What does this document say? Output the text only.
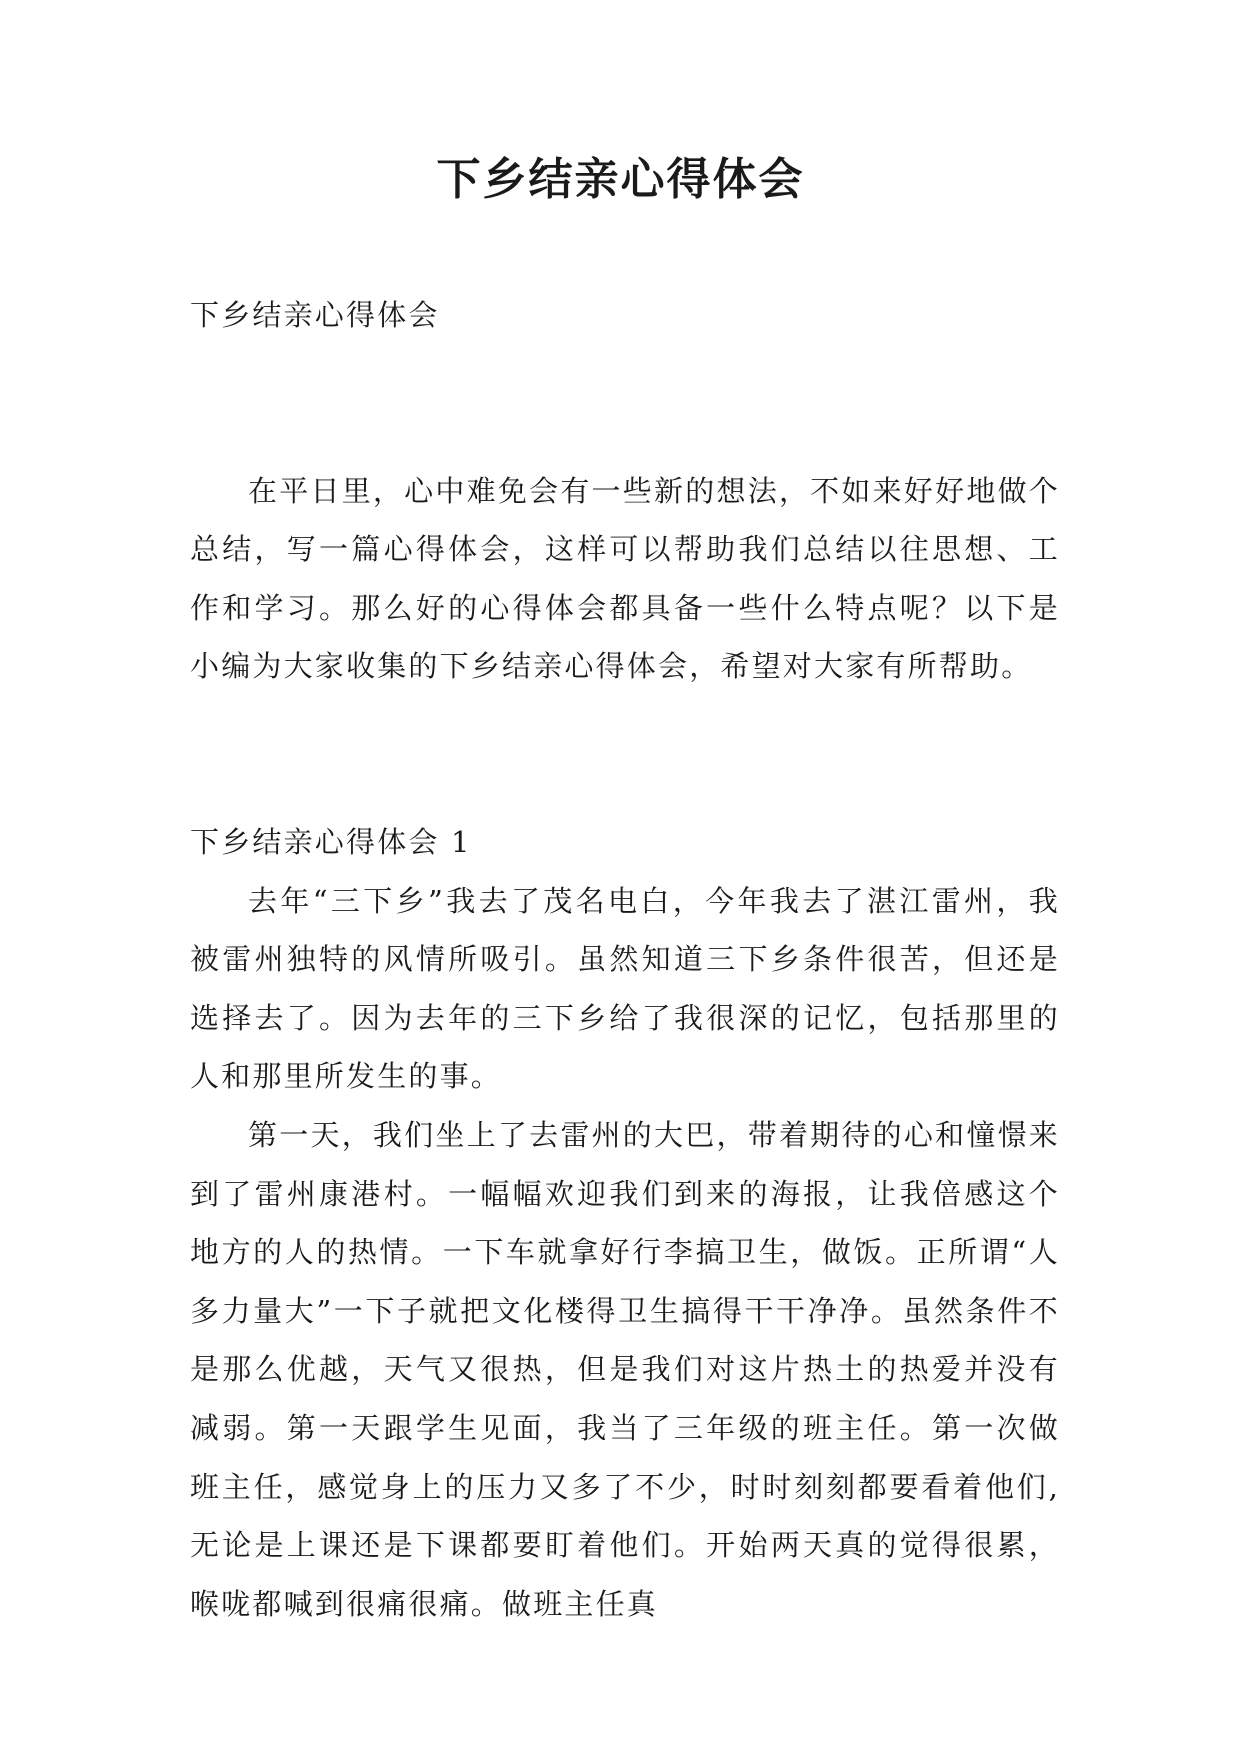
下乡结亲心得体会

下乡结亲心得体会

在平日里，心中难免会有一些新的想法，不如来好好地做个总结，写一篇心得体会，这样可以帮助我们总结以往思想、工作和学习。那么好的心得体会都具备一些什么特点呢？以下是小编为大家收集的下乡结亲心得体会，希望对大家有所帮助。

下乡结亲心得体会 1

去年“三下乡”我去了茂名电白，今年我去了湛江雷州，我被雷州独特的风情所吸引。虽然知道三下乡条件很苦，但还是选择去了。因为去年的三下乡给了我很深的记忆，包括那里的人和那里所发生的事。

第一天，我们坐上了去雷州的大巴，带着期待的心和憧憬来到了雷州康港村。一幅幅欢迎我们到来的海报，让我倍感这个地方的人的热情。一下车就拿好行李搞卫生，做饭。正所谓“人多力量大”一下子就把文化楼得卫生搞得干干净净。虽然条件不是那么优越，天气又很热，但是我们对这片热土的热爱并没有减弱。第一天跟学生见面，我当了三年级的班主任。第一次做班主任，感觉身上的压力又多了不少，时时刻刻都要看着他们,无论是上课还是下课都要盯着他们。开始两天真的觉得很累，喉咙都喊到很痛很痛。做班主任真
